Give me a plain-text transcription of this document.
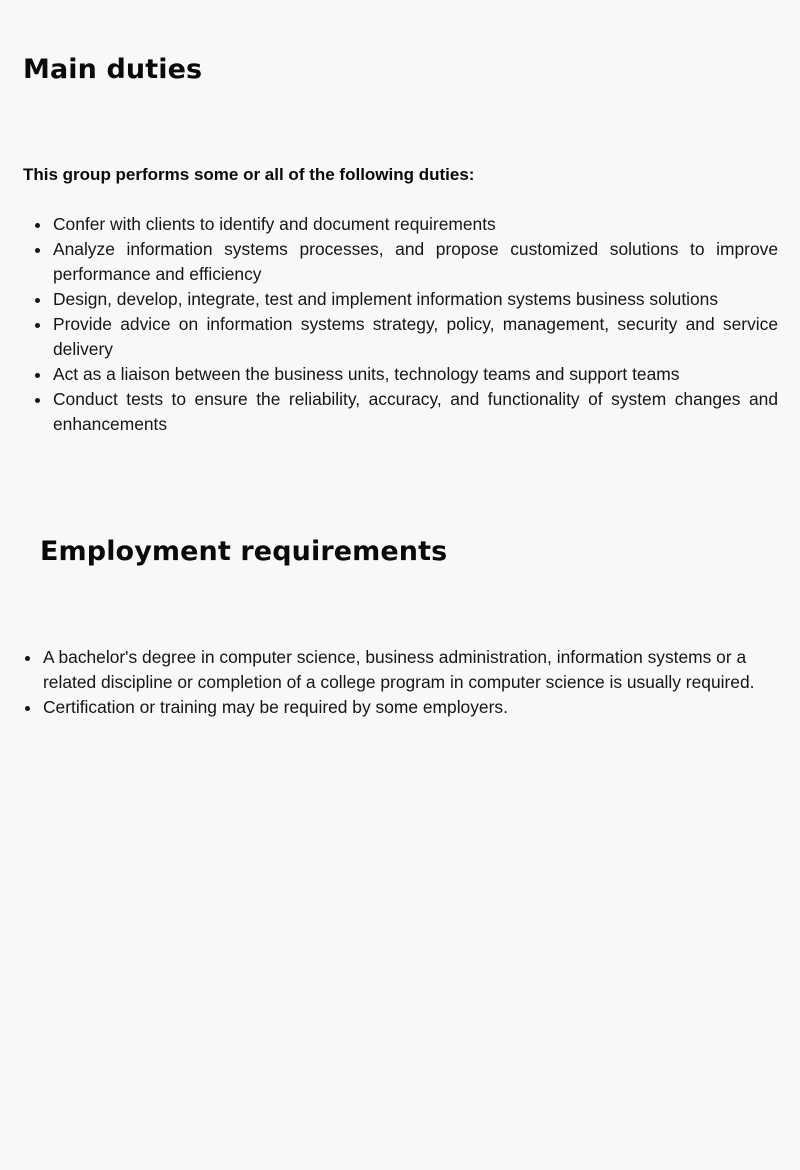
Main duties

This group performs some or all of the following duties:

Confer with clients to identify and document requirements
Analyze information systems processes, and propose customized solutions to improve performance and efficiency
Design, develop, integrate, test and implement information systems business solutions
Provide advice on information systems strategy, policy, management, security and service delivery
Act as a liaison between the business units, technology teams and support teams
Conduct tests to ensure the reliability, accuracy, and functionality of system changes and enhancements
Employment requirements
A bachelor's degree in computer science, business administration, information systems or a related discipline or completion of a college program in computer science is usually required.
Certification or training may be required by some employers.
